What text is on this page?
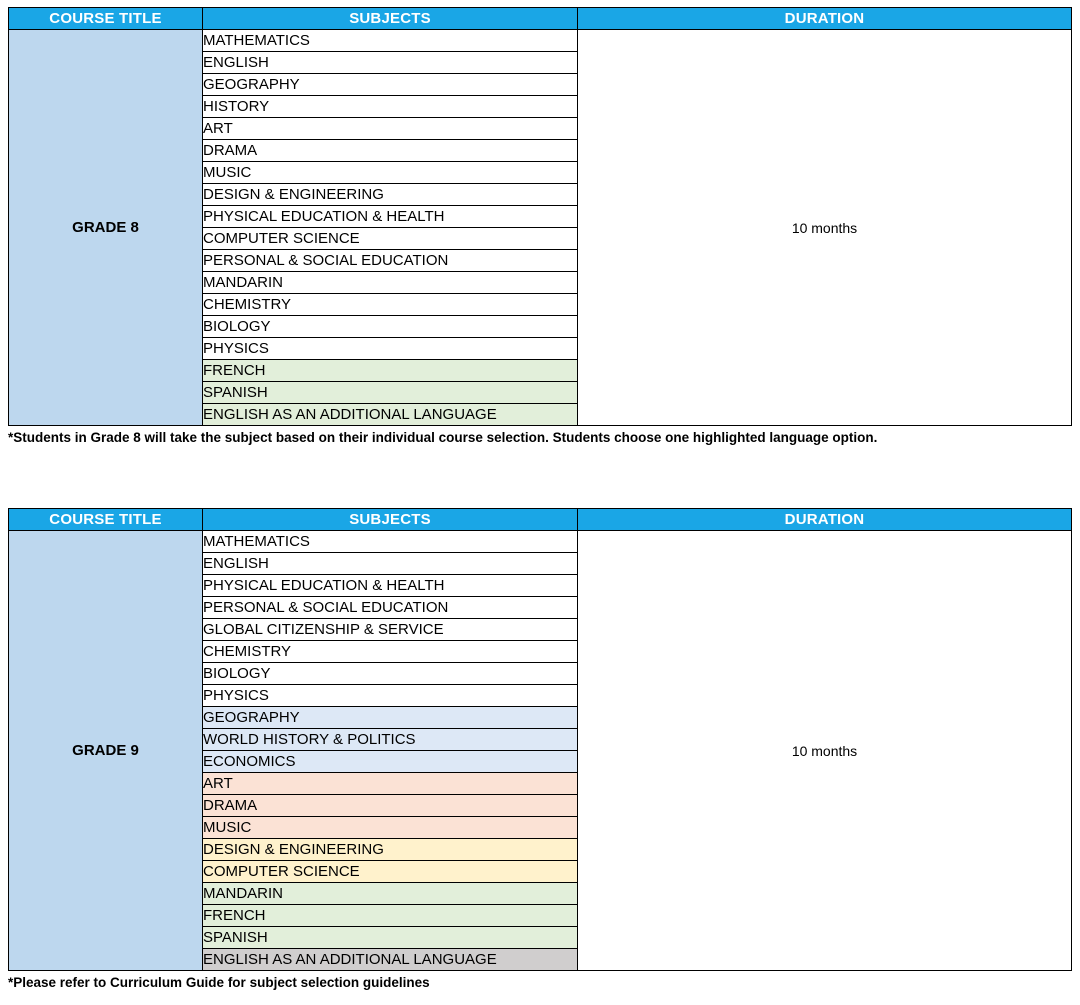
COURSE TITLE	SUBJECTS	DURATION
GRADE 8	MATHEMATICS	10 months
	ENGLISH	
	GEOGRAPHY	
	HISTORY	
	ART	
	DRAMA	
	MUSIC	
	DESIGN & ENGINEERING	
	PHYSICAL EDUCATION & HEALTH	
	COMPUTER SCIENCE	
	PERSONAL & SOCIAL EDUCATION	
	MANDARIN	
	CHEMISTRY	
	BIOLOGY	
	PHYSICS	
	FRENCH	
	SPANISH	
	ENGLISH AS AN ADDITIONAL LANGUAGE	
*Students in Grade 8 will take the subject based on their individual course selection. Students choose one highlighted language option.
COURSE TITLE	SUBJECTS	DURATION
GRADE 9	MATHEMATICS	10 months
	ENGLISH	
	PHYSICAL EDUCATION & HEALTH	
	PERSONAL & SOCIAL EDUCATION	
	GLOBAL CITIZENSHIP & SERVICE	
	CHEMISTRY	
	BIOLOGY	
	PHYSICS	
	GEOGRAPHY	
	WORLD HISTORY & POLITICS	
	ECONOMICS	
	ART	
	DRAMA	
	MUSIC	
	DESIGN & ENGINEERING	
	COMPUTER SCIENCE	
	MANDARIN	
	FRENCH	
	SPANISH	
	ENGLISH AS AN ADDITIONAL LANGUAGE	
*Please refer to Curriculum Guide for subject selection guidelines
